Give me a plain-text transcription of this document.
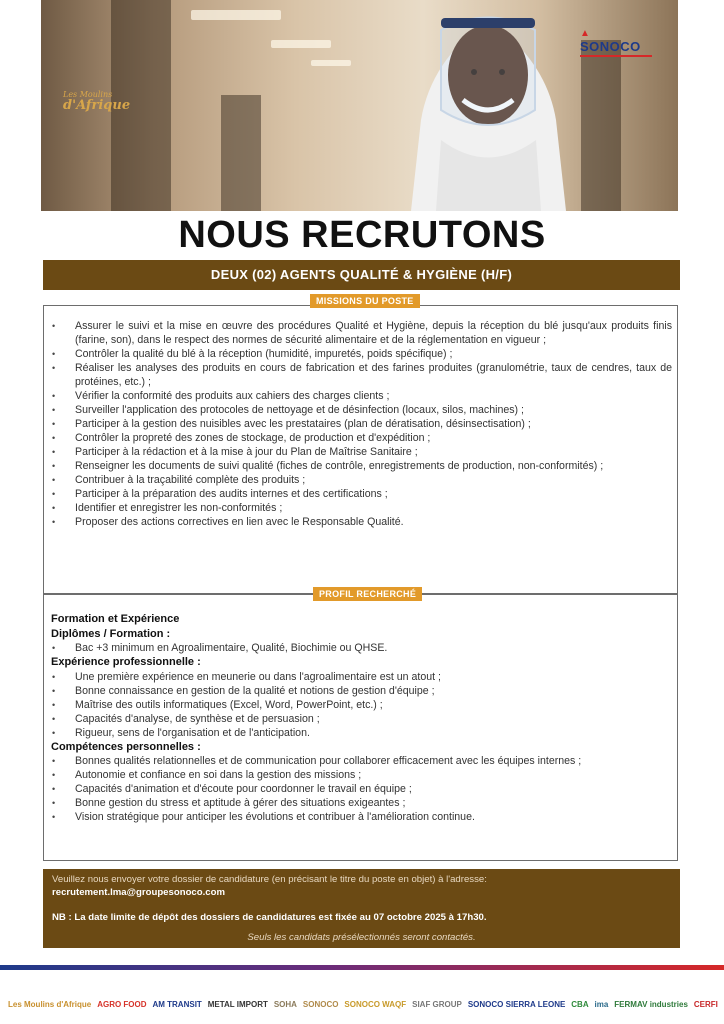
Les Moulins
d'Afrique
▲
SONOCO
NOUS RECRUTONS
DEUX (02) AGENTS QUALITÉ & HYGIÈNE (H/F)
MISSIONS DU POSTE
• Assurer le suivi et la mise en œuvre des procédures Qualité et Hygiène, depuis la réception du blé jusqu'aux produits finis (farine, son), dans le respect des normes de sécurité alimentaire et de la réglementation en vigueur ;
• Contrôler la qualité du blé à la réception (humidité, impuretés, poids spécifique) ;
• Réaliser les analyses des produits en cours de fabrication et des farines produites (granulométrie, taux de cendres, taux de protéines, etc.) ;
• Vérifier la conformité des produits aux cahiers des charges clients ;
• Surveiller l'application des protocoles de nettoyage et de désinfection (locaux, silos, machines) ;
• Participer à la gestion des nuisibles avec les prestataires (plan de dératisation, désinsectisation) ;
• Contrôler la propreté des zones de stockage, de production et d'expédition ;
• Participer à la rédaction et à la mise à jour du Plan de Maîtrise Sanitaire ;
• Renseigner les documents de suivi qualité (fiches de contrôle, enregistrements de production, non-conformités) ;
• Contribuer à la traçabilité complète des produits ;
• Participer à la préparation des audits internes et des certifications ;
• Identifier et enregistrer les non-conformités ;
• Proposer des actions correctives en lien avec le Responsable Qualité.
PROFIL RECHERCHÉ
Formation et Expérience
Diplômes / Formation :
• Bac +3 minimum en Agroalimentaire, Qualité, Biochimie ou QHSE.
Expérience professionnelle :
• Une première expérience en meunerie ou dans l'agroalimentaire est un atout ;
• Bonne connaissance en gestion de la qualité et notions de gestion d'équipe ;
• Maîtrise des outils informatiques (Excel, Word, PowerPoint, etc.) ;
• Capacités d'analyse, de synthèse et de persuasion ;
• Rigueur, sens de l'organisation et de l'anticipation.
Compétences personnelles :
• Bonnes qualités relationnelles et de communication pour collaborer efficacement avec les équipes internes ;
• Autonomie et confiance en soi dans la gestion des missions ;
• Capacités d'animation et d'écoute pour coordonner le travail en équipe ;
• Bonne gestion du stress et aptitude à gérer des situations exigeantes ;
• Vision stratégique pour anticiper les évolutions et contribuer à l'amélioration continue.
Veuillez nous envoyer votre dossier de candidature (en précisant le titre du poste en objet) à l'adresse:
recrutement.lma@groupesonoco.com
NB : La date limite de dépôt des dossiers de candidatures est fixée au 07 octobre 2025 à 17h30.
Seuls les candidats présélectionnés seront contactés.
Les Moulins d'Afrique AGRO FOOD AM TRANSIT METAL IMPORT SOHA SONOCO SONOCO WAQF SIAF GROUP SONOCO SIERRA LEONE CBA ima FERMAV industries CERFI
